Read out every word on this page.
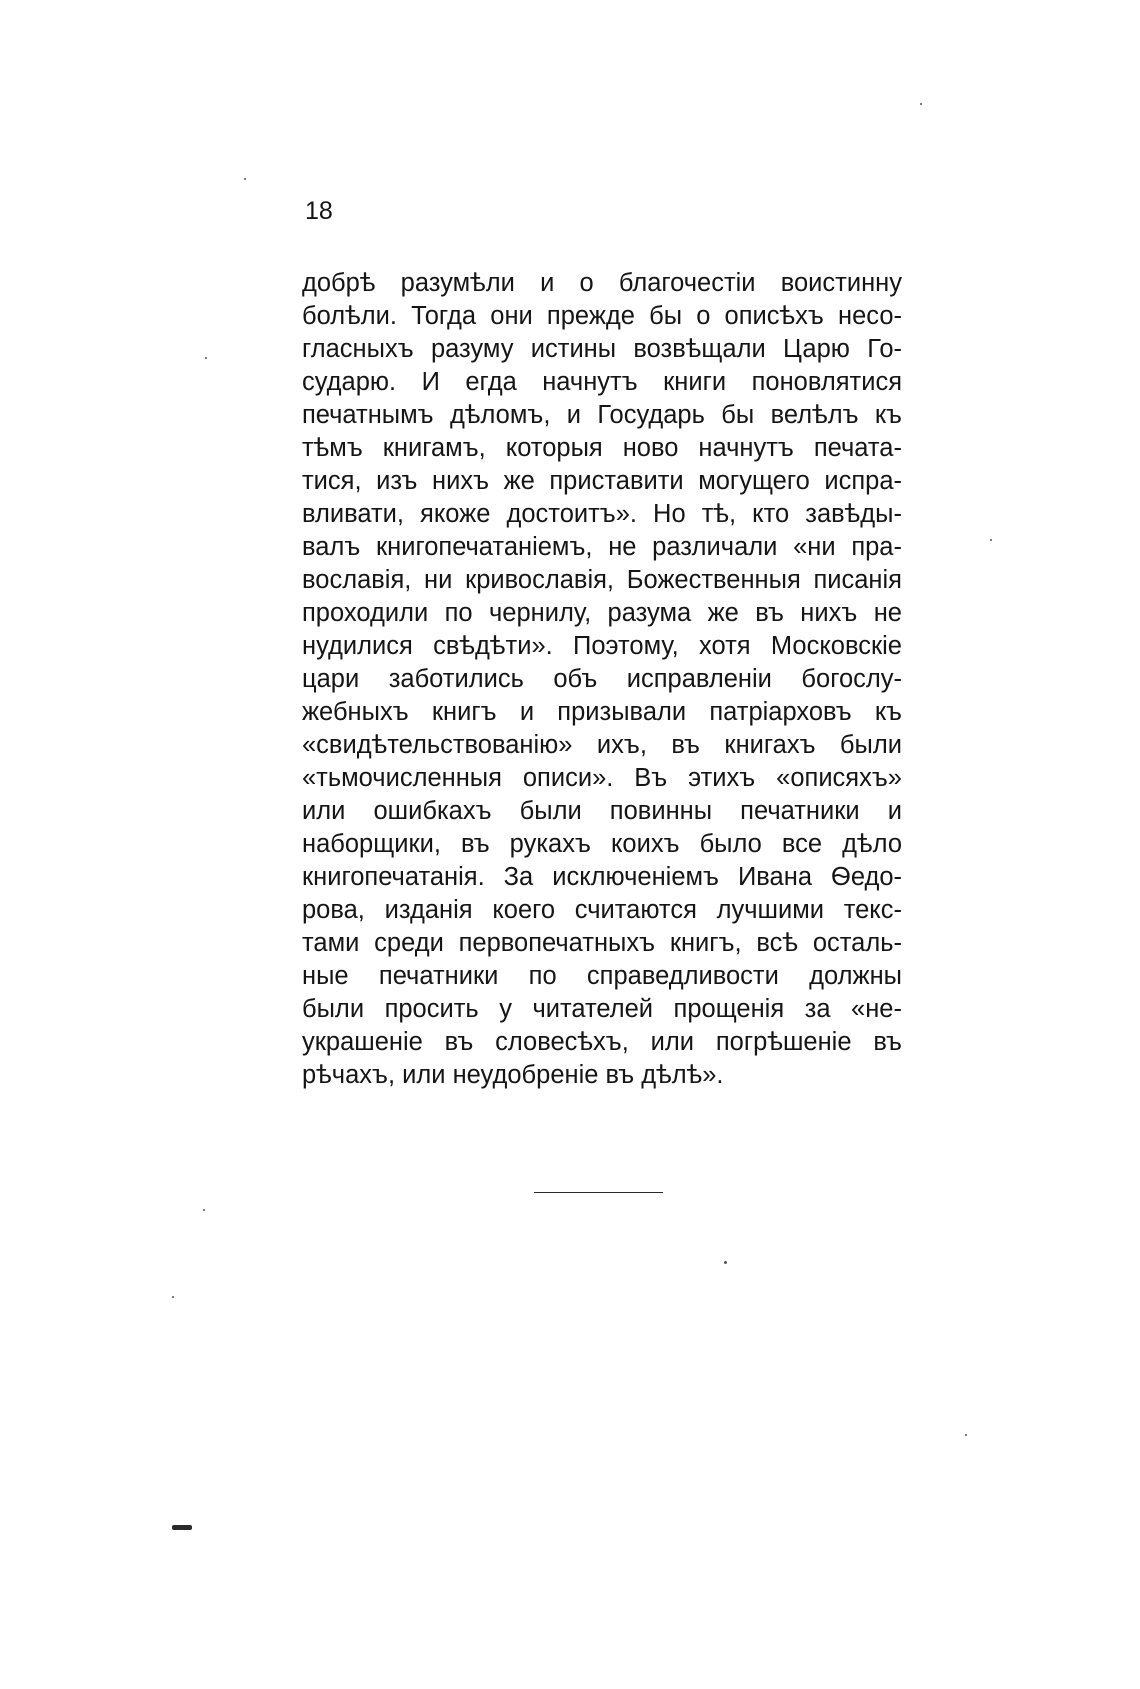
18
добрѣ разумѣли и о благочестіи воистинну
болѣли. Тогда они прежде бы о описѣхъ несо-
гласныхъ разуму истины возвѣщали Царю Го-
сударю. И егда начнутъ книги поновлятися
печатнымъ дѣломъ, и Государь бы велѣлъ къ
тѣмъ книгамъ, которыя ново начнутъ печата-
тися, изъ нихъ же приставити могущего испра-
вливати, якоже достоитъ». Но тѣ, кто завѣды-
валъ книгопечатаніемъ, не различали «ни пра-
вославія, ни кривославія, Божественныя писанія
проходили по чернилу, разума же въ нихъ не
нудилися свѣдѣти». Поэтому, хотя Московскіе
цари заботились объ исправленіи богослу-
жебныхъ книгъ и призывали патріарховъ къ
«свидѣтельствованію» ихъ, въ книгахъ были
«тьмочисленныя описи». Въ этихъ «описяхъ»
или ошибкахъ были повинны печатники и
наборщики, въ рукахъ коихъ было все дѣло
книгопечатанія. За исключеніемъ Ивана Ѳедо-
рова, изданія коего считаются лучшими текс-
тами среди первопечатныхъ книгъ, всѣ осталь-
ные печатники по справедливости должны
были просить у читателей прощенія за «не-
украшеніе въ словесѣхъ, или погрѣшеніе въ
рѣчахъ, или неудобреніе въ дѣлѣ».
